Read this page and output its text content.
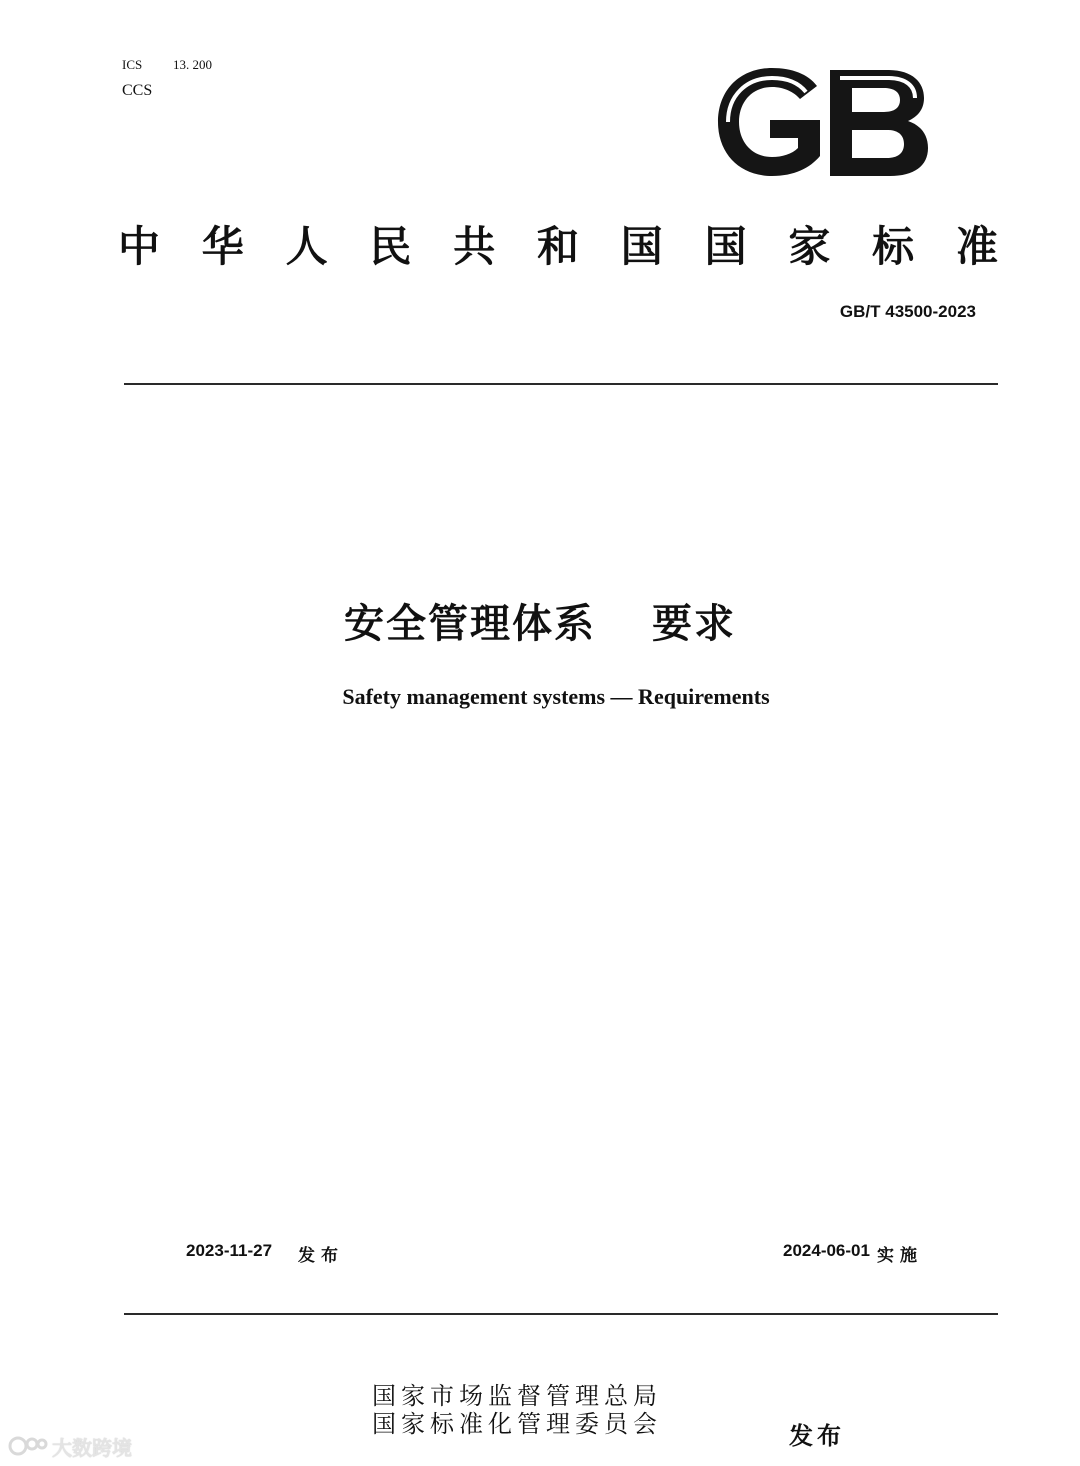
ICS 13. 200
CCS
中 华 人 民 共 和 国 国 家 标 准
GB/T 43500-2023
安全管理体系 要求
Safety management systems — Requirements
2023-11-27 发布	2024-06-01 实施
国家市场监督管理总局
国家标准化管理委员会	发布
大数跨境
